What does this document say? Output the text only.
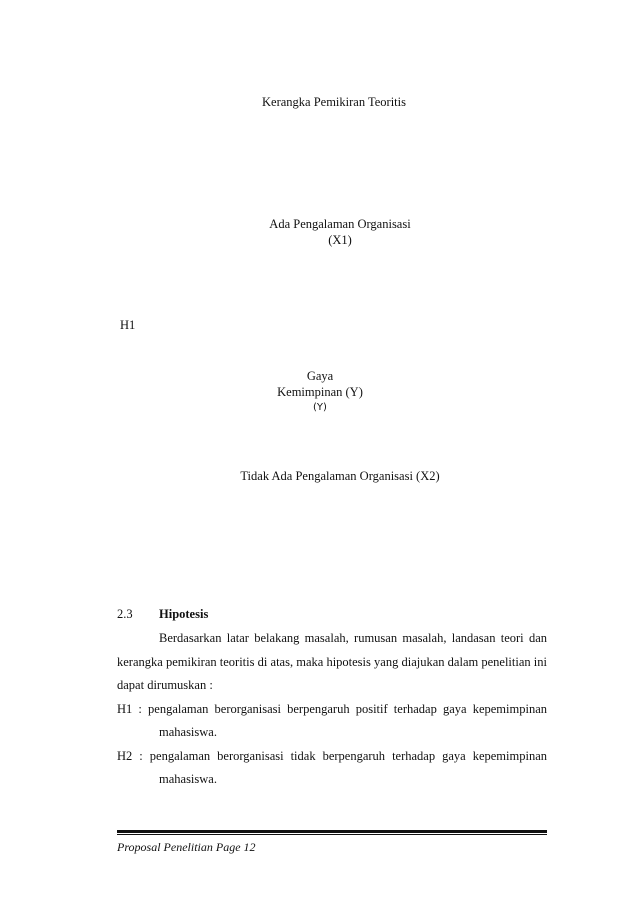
Kerangka Pemikiran Teoritis
Ada Pengalaman Organisasi
(X1)
H1
Gaya
Kemimpinan (Y)
(Y)
Tidak Ada Pengalaman Organisasi (X2)
2.3 Hipotesis

Berdasarkan latar belakang masalah, rumusan masalah, landasan teori dan kerangka pemikiran teoritis di atas, maka hipotesis yang diajukan dalam penelitian ini dapat dirumuskan :

H1 : pengalaman berorganisasi berpengaruh positif terhadap gaya kepemimpinan mahasiswa.

H2 : pengalaman berorganisasi tidak berpengaruh terhadap gaya kepemimpinan mahasiswa.

Proposal Penelitian Page 12
